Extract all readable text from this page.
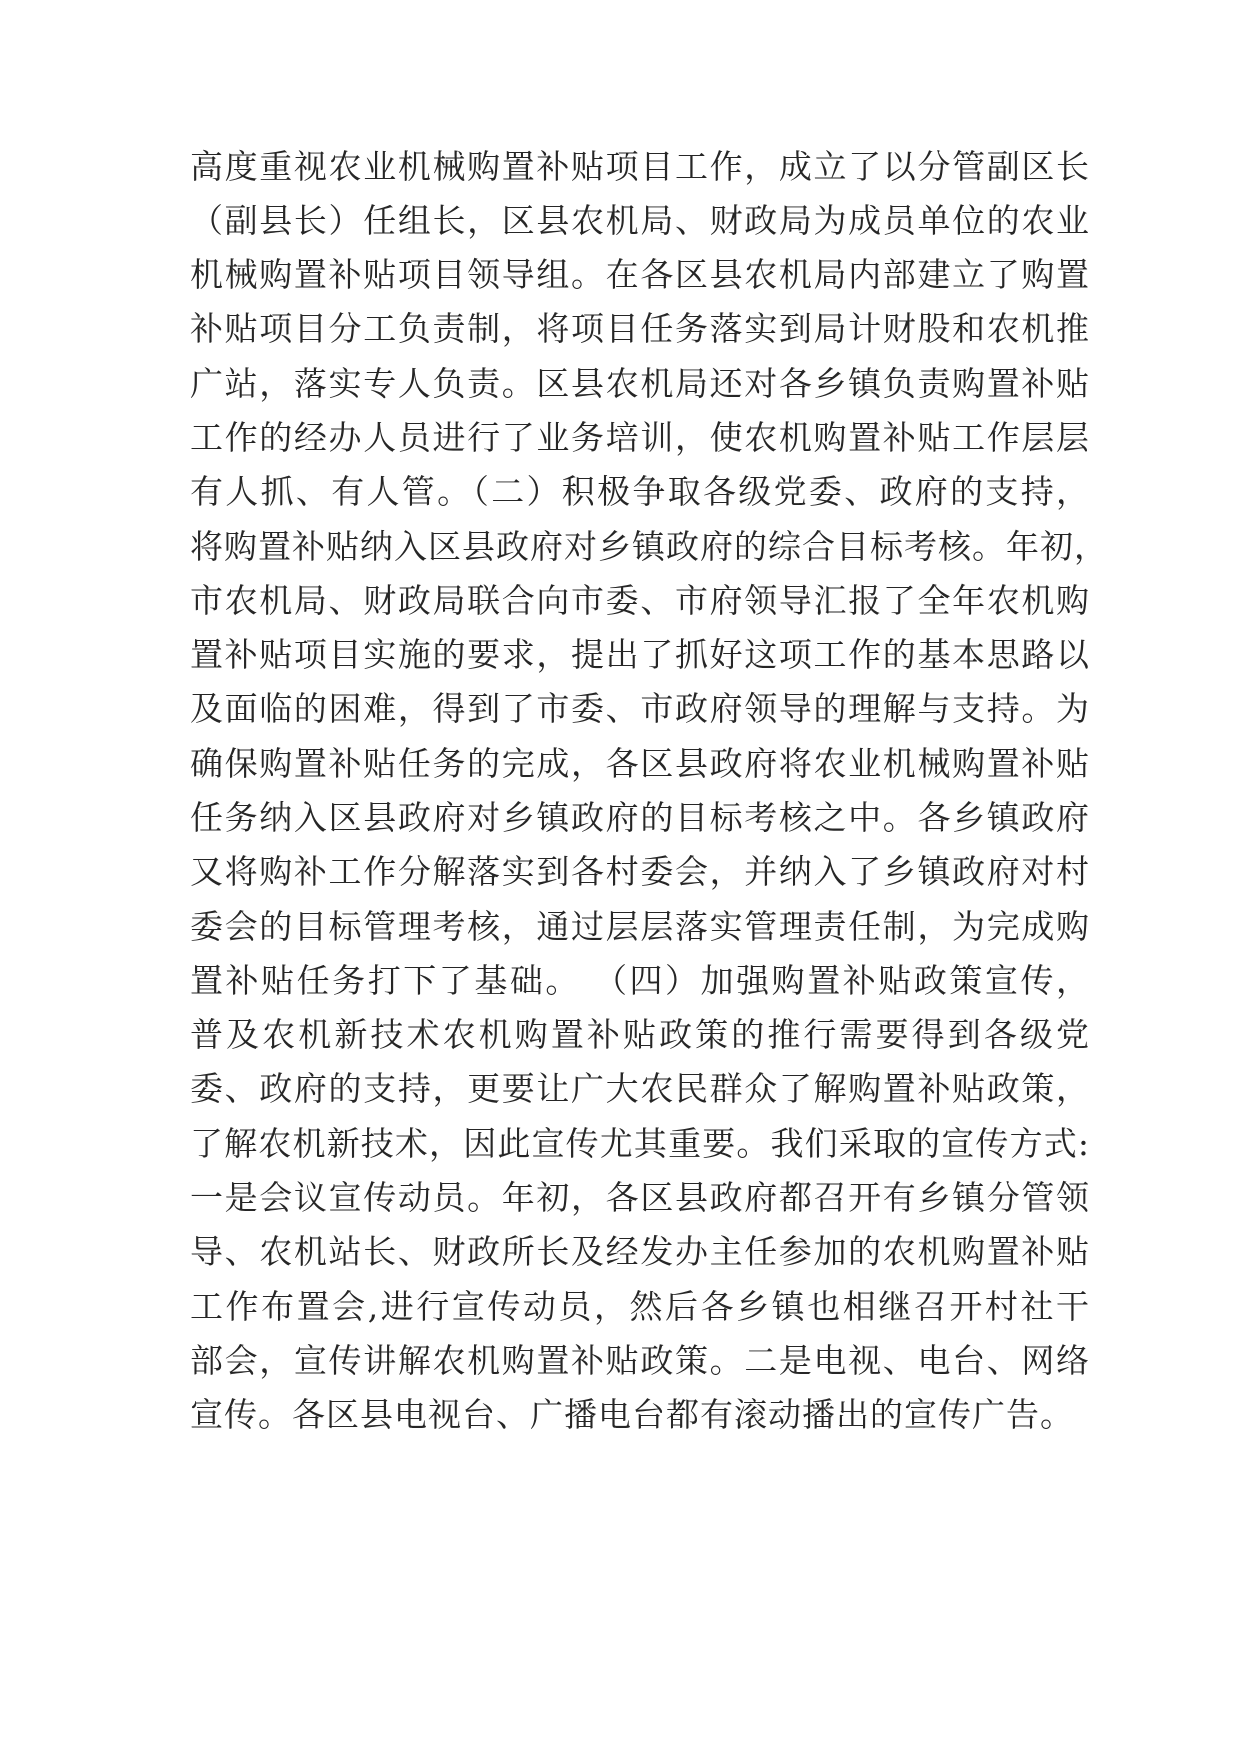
高度重视农业机械购置补贴项目工作，成立了以分管副区长
（副县长）任组长，区县农机局、财政局为成员单位的农业
机械购置补贴项目领导组。在各区县农机局内部建立了购置
补贴项目分工负责制，将项目任务落实到局计财股和农机推
广站，落实专人负责。区县农机局还对各乡镇负责购置补贴
工作的经办人员进行了业务培训，使农机购置补贴工作层层
有人抓、有人管。（二）积极争取各级党委、政府的支持，
将购置补贴纳入区县政府对乡镇政府的综合目标考核。年初，
市农机局、财政局联合向市委、市府领导汇报了全年农机购
置补贴项目实施的要求，提出了抓好这项工作的基本思路以
及面临的困难，得到了市委、市政府领导的理解与支持。为
确保购置补贴任务的完成，各区县政府将农业机械购置补贴
任务纳入区县政府对乡镇政府的目标考核之中。各乡镇政府
又将购补工作分解落实到各村委会，并纳入了乡镇政府对村
委会的目标管理考核，通过层层落实管理责任制，为完成购
置补贴任务打下了基础。 （四）加强购置补贴政策宣传，
普及农机新技术农机购置补贴政策的推行需要得到各级党
委、政府的支持，更要让广大农民群众了解购置补贴政策，
了解农机新技术，因此宣传尤其重要。我们采取的宣传方式:
一是会议宣传动员。年初，各区县政府都召开有乡镇分管领
导、农机站长、财政所长及经发办主任参加的农机购置补贴
工作布置会,进行宣传动员，然后各乡镇也相继召开村社干
部会，宣传讲解农机购置补贴政策。二是电视、电台、网络
宣传。各区县电视台、广播电台都有滚动播出的宣传广告。
